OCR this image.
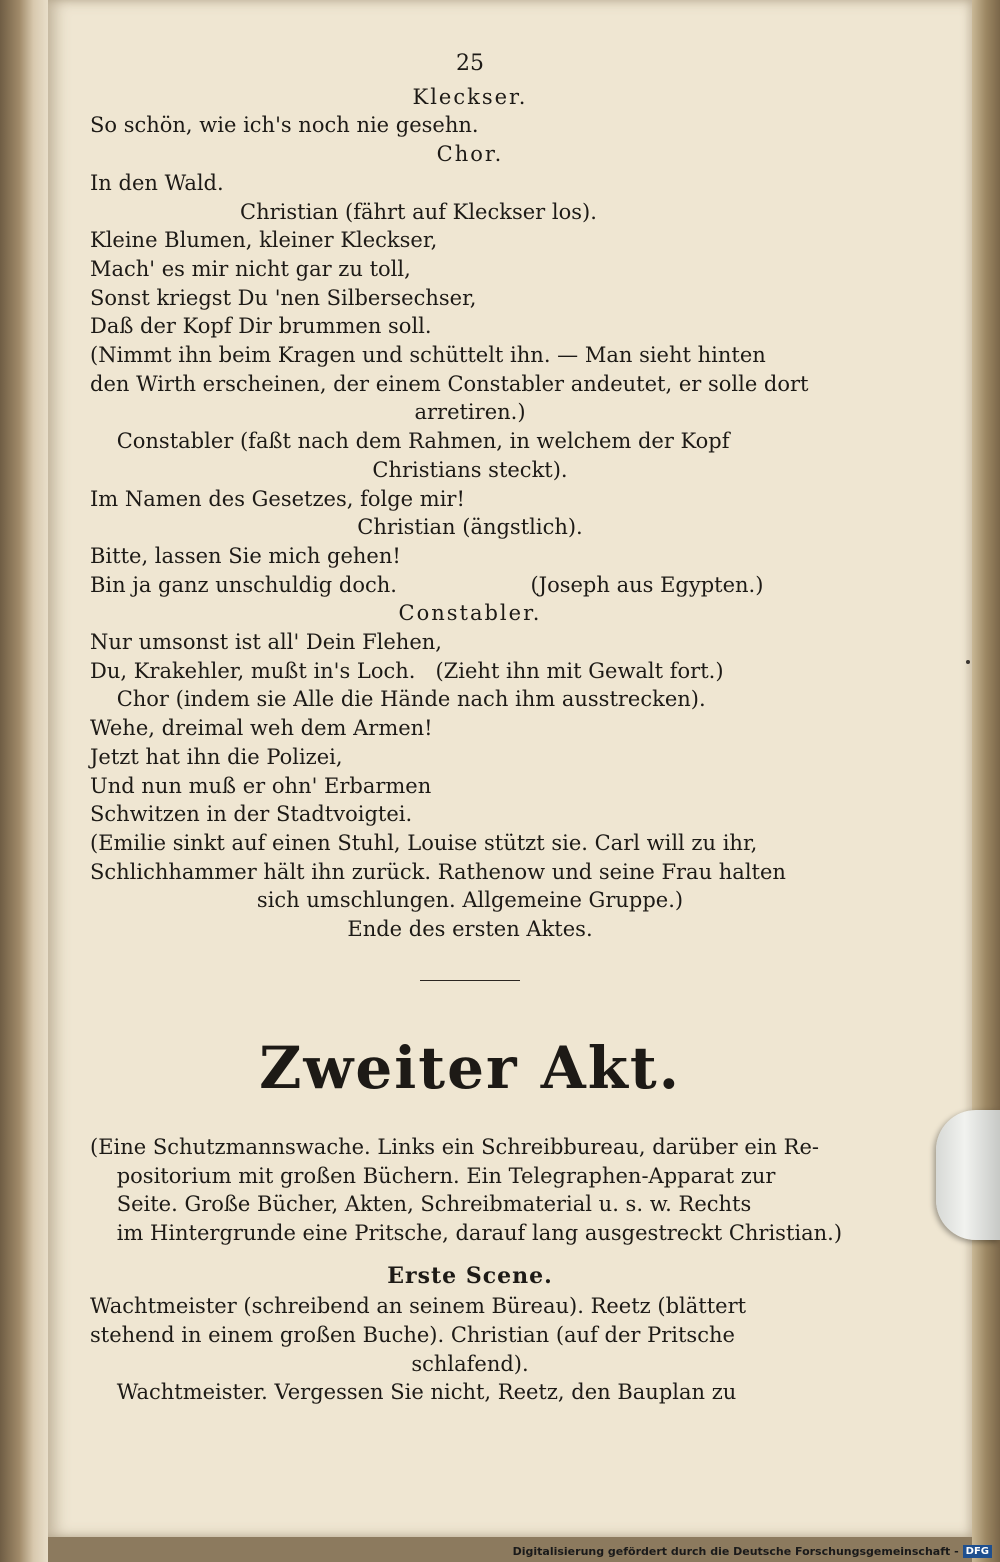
25
Kleckser.
So schön, wie ich's noch nie gesehn.
Chor.
In den Wald.
Christian (fährt auf Kleckser los).
Kleine Blumen, kleiner Kleckser,
Mach' es mir nicht gar zu toll,
Sonst kriegst Du 'nen Silbersechser,
Daß der Kopf Dir brummen soll.
(Nimmt ihn beim Kragen und schüttelt ihn. — Man sieht hinten
den Wirth erscheinen, der einem Constabler andeutet, er solle dort
arretiren.)
Constabler (faßt nach dem Rahmen, in welchem der Kopf
Christians steckt).
Im Namen des Gesetzes, folge mir!
Christian (ängstlich).
Bitte, lassen Sie mich gehen!
Bin ja ganz unschuldig doch.                    (Joseph aus Egypten.)
Constabler.
Nur umsonst ist all' Dein Flehen,
Du, Krakehler, mußt in's Loch.   (Zieht ihn mit Gewalt fort.)
Chor (indem sie Alle die Hände nach ihm ausstrecken).
Wehe, dreimal weh dem Armen!
Jetzt hat ihn die Polizei,
Und nun muß er ohn' Erbarmen
Schwitzen in der Stadtvoigtei.
(Emilie sinkt auf einen Stuhl, Louise stützt sie. Carl will zu ihr,
Schlichhammer hält ihn zurück. Rathenow und seine Frau halten
sich umschlungen. Allgemeine Gruppe.)
Ende des ersten Aktes.
Zweiter Akt.
(Eine Schutzmannswache. Links ein Schreibbureau, darüber ein Re-
positorium mit großen Büchern. Ein Telegraphen-Apparat zur
Seite. Große Bücher, Akten, Schreibmaterial u. s. w. Rechts
im Hintergrunde eine Pritsche, darauf lang ausgestreckt Christian.)
Erste Scene.
Wachtmeister (schreibend an seinem Büreau). Reetz (blättert
stehend in einem großen Buche). Christian (auf der Pritsche
schlafend).
Wachtmeister. Vergessen Sie nicht, Reetz, den Bauplan zu
Digitalisierung gefördert durch die Deutsche Forschungsgemeinschaft - DFG
